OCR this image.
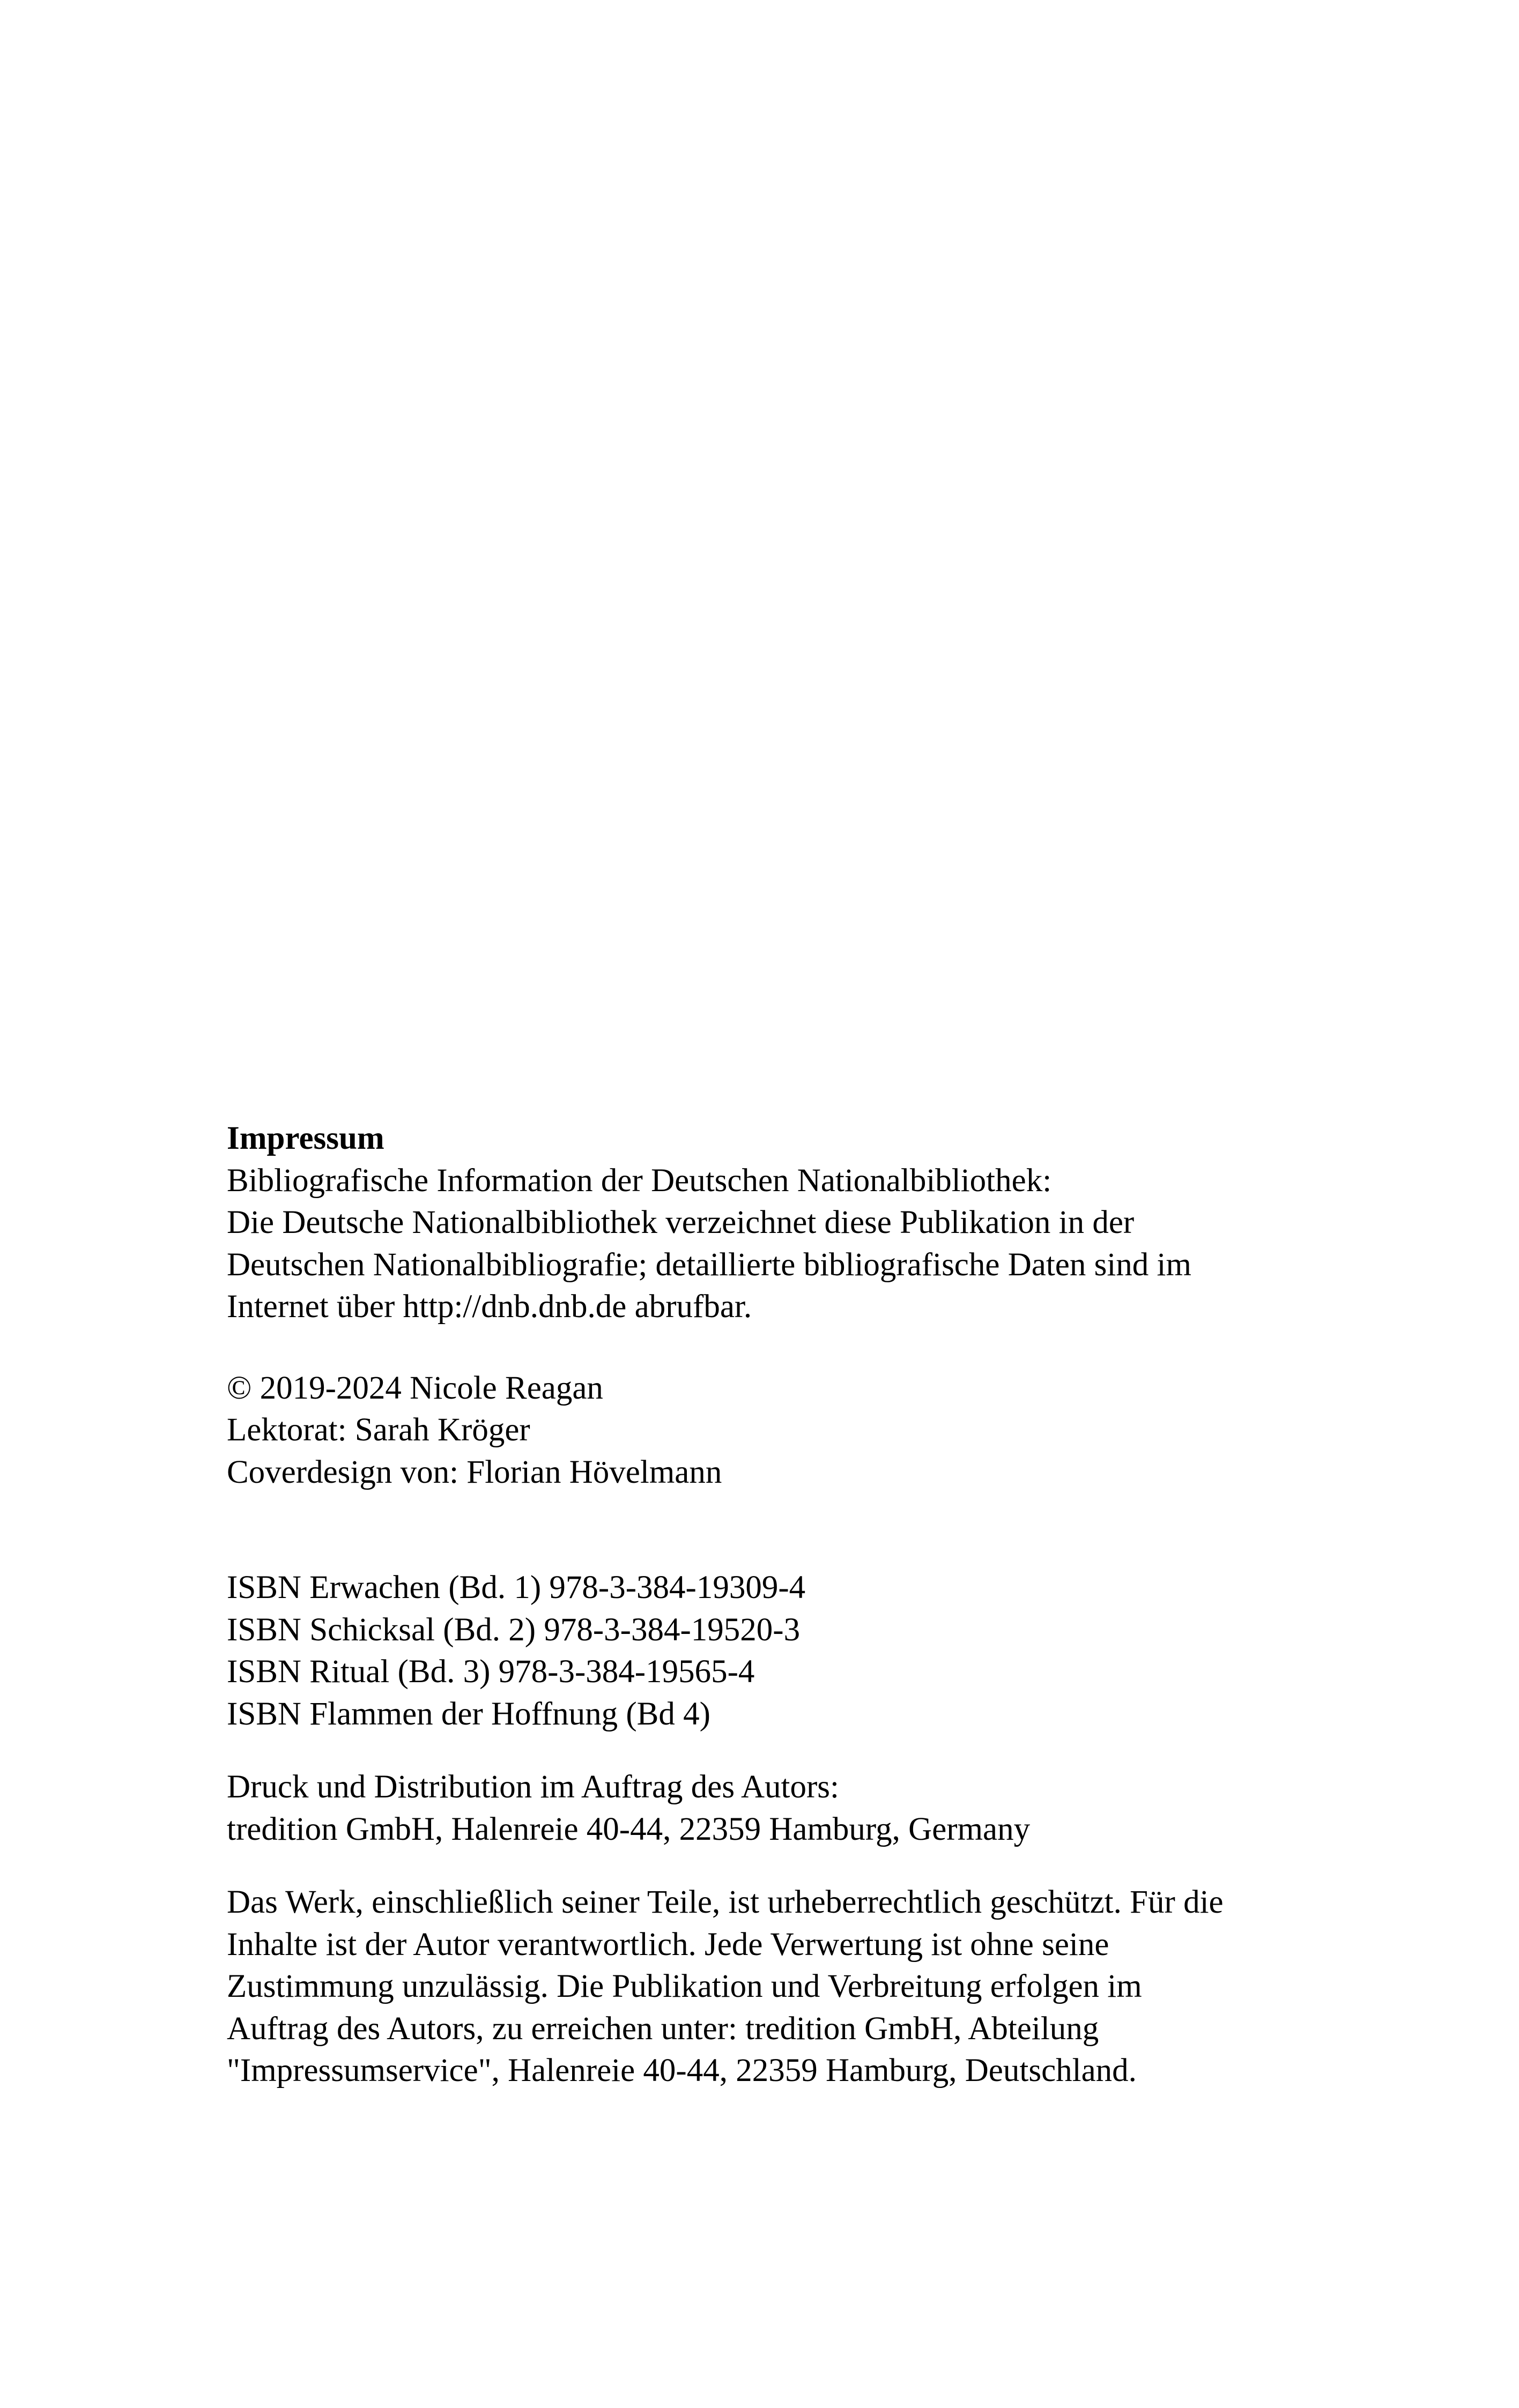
Impressum
Bibliografische Information der Deutschen Nationalbibliothek:
Die Deutsche Nationalbibliothek verzeichnet diese Publikation in der
Deutschen Nationalbibliografie; detaillierte bibliografische Daten sind im
Internet über http://dnb.dnb.de abrufbar.
© 2019-2024 Nicole Reagan
Lektorat: Sarah Kröger
Coverdesign von: Florian Hövelmann
ISBN Erwachen (Bd. 1) 978-3-384-19309-4
ISBN Schicksal (Bd. 2) 978-3-384-19520-3
ISBN Ritual (Bd. 3) 978-3-384-19565-4
ISBN Flammen der Hoffnung (Bd 4)
Druck und Distribution im Auftrag des Autors:
tredition GmbH, Halenreie 40-44, 22359 Hamburg, Germany
Das Werk, einschließlich seiner Teile, ist urheberrechtlich geschützt. Für die
Inhalte ist der Autor verantwortlich. Jede Verwertung ist ohne seine
Zustimmung unzulässig. Die Publikation und Verbreitung erfolgen im
Auftrag des Autors, zu erreichen unter: tredition GmbH, Abteilung
"Impressumservice", Halenreie 40-44, 22359 Hamburg, Deutschland.
